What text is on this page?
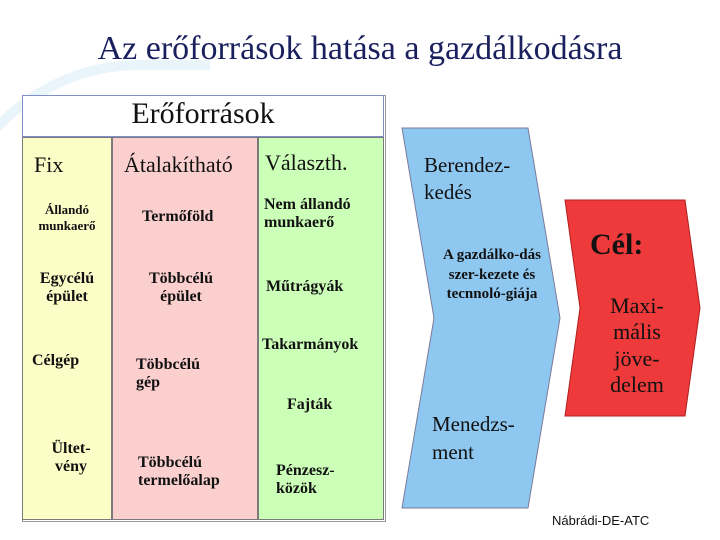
Az erőforrások hatása a gazdálkodásra
Erőforrások
Fix	Átalakítható Választh.
Állandó munkaerő
Egycélú épület
Célgép
Ültet-vény
Termőföld
Többcélú épület
Többcélú gép
Többcélú termelőalap
Nem állandó munkaerő
Műtrágyák
Takarmányok
Fajták
Pénzesz-közök
Berendez-kedés
A gazdálko-dás szer-kezete és tecnnoló-giája
Menedzs-ment
Cél:
Maxi-mális jöve-delem
Nábrádi-DE-ATC
